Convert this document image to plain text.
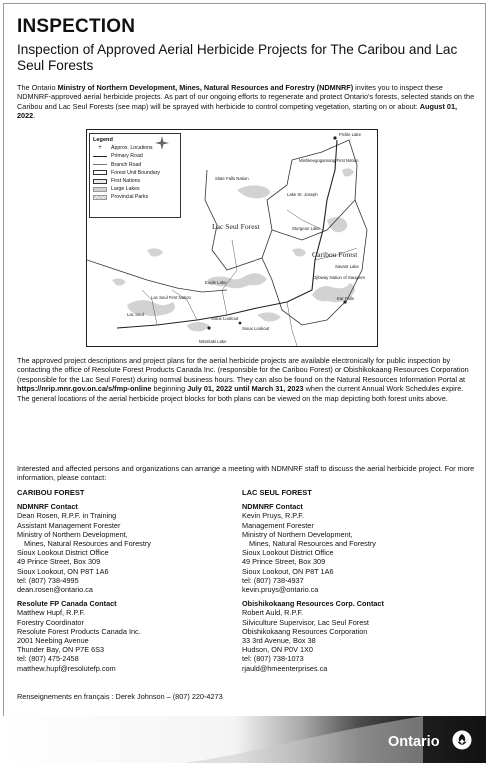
INSPECTION
Inspection of Approved Aerial Herbicide Projects for The Caribou and Lac Seul Forests
The Ontario Ministry of Northern Development, Mines, Natural Resources and Forestry (NDMNRF) invites you to inspect these NDMNRF-approved aerial herbicide projects. As part of our ongoing efforts to regenerate and protect Ontario's forests, selected stands on the Caribou and Lac Seul Forests (see map) will be sprayed with herbicide to control competing vegetation, starting on or about: August 01, 2022.
Legend
+	Approx. Locations
Primary Road
Branch Road
Forest Unit Boundary
First Nations
Large Lakes
Provincial Parks
Lac Seul Forest
Caribou Forest
Pickle Lake
Mishkeegogamang First Nation
Slate Falls Nation
Lake St. Joseph
Savant Lake
Ojibway Nation of Saugeen
Lac Seul First Nation
Sioux Lookout
Ear Falls
Minnitaki Lake
Lac Seul
Sturgeon Lake
Eagle Lake
Sioux Lookout
The approved project descriptions and project plans for the aerial herbicide projects are available electronically for public inspection by contacting the office of Resolute Forest Products Canada Inc. (responsible for the Caribou Forest) or Obishikokaang Resources Corporation (responsible for the Lac Seul Forest) during normal business hours. They can also be found on the Natural Resources Information Portal at https://nrip.mnr.gov.on.ca/s/fmp-online beginning July 01, 2022 until March 31, 2023 when the current Annual Work Schedules expire. The general locations of the aerial herbicide project blocks for both plans can be viewed on the map depicting both forest units above.
Interested and affected persons and organizations can arrange a meeting with NDMNRF staff to discuss the aerial herbicide project. For more information, please contact:
CARIBOU FOREST
NDMNRF Contact
Dean Rosen, R.P.F. in Training
Assistant Management Forester
Ministry of Northern Development,
Mines, Natural Resources and Forestry
Sioux Lookout District Office
49 Prince Street, Box 309
Sioux Lookout, ON P8T 1A6
tel: (807) 738-4995
dean.rosen@ontario.ca
Resolute FP Canada Contact
Matthew Hupf, R.P.F.
Forestry Coordinator
Resolute Forest Products Canada Inc.
2001 Neebing Avenue
Thunder Bay, ON P7E 6S3
tel: (807) 475-2458
matthew.hupf@resolutefp.com
LAC SEUL FOREST
NDMNRF Contact
Kevin Pruys, R.P.F.
Management Forester
Ministry of Northern Development,
Mines, Natural Resources and Forestry
Sioux Lookout District Office
49 Prince Street, Box 309
Sioux Lookout, ON P8T 1A6
tel: (807) 738-4937
kevin.pruys@ontario.ca
Obishikokaang Resources Corp. Contact
Robert Auld, R.P.F.
Silviculture Supervisor, Lac Seul Forest
Obishikokaang Resources Corporation
33 3rd Avenue, Box 38
Hudson, ON P0V 1X0
tel: (807) 738-1073
rjauld@hmeenterprises.ca
Renseignements en français : Derek Johnson – (807) 220-4273
Ontario
